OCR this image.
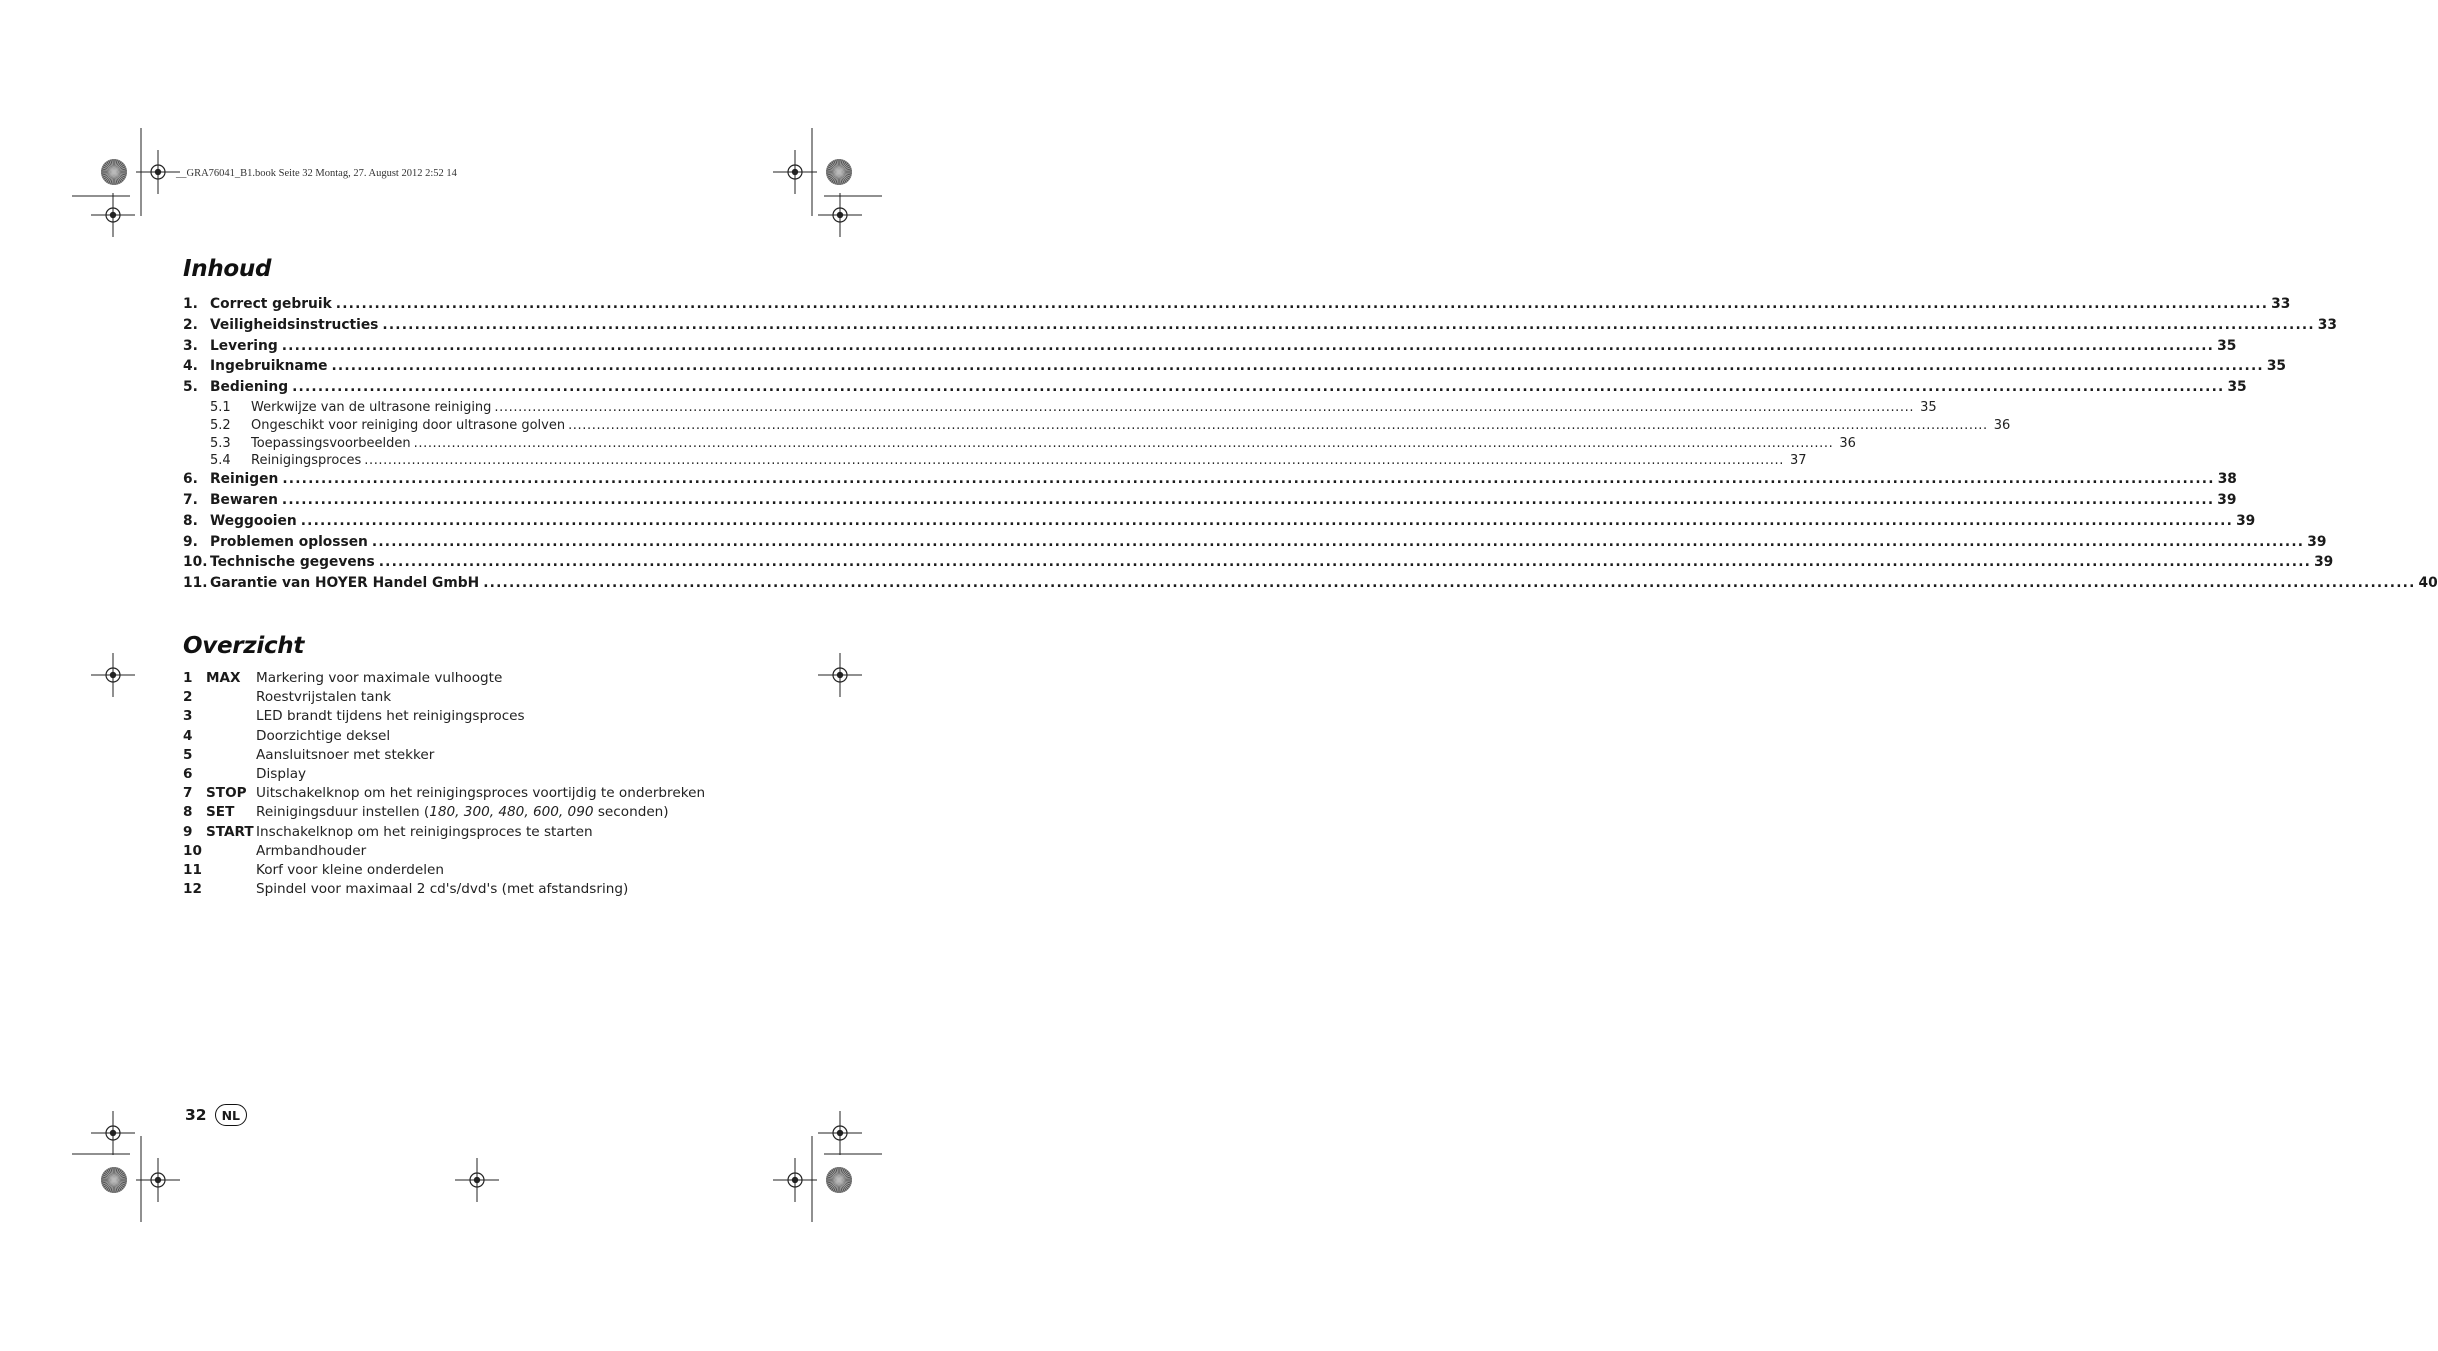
__GRA76041_B1.book Seite 32 Montag, 27. August 2012 2:52 14
Inhoud
1. Correct gebruik ............................................................................................................................................................................................................................................................................................................ 33
2. Veiligheidsinstructies ............................................................................................................................................................................................................................................................................................................ 33
3. Levering ............................................................................................................................................................................................................................................................................................................ 35
4. Ingebruikname ............................................................................................................................................................................................................................................................................................................ 35
5. Bediening ............................................................................................................................................................................................................................................................................................................ 35
5.1	Werkwijze van de ultrasone reiniging ............................................................................................................................................................................................................................................................................................................ 35
5.2	Ongeschikt voor reiniging door ultrasone golven ............................................................................................................................................................................................................................................................................................................ 36
5.3	Toepassingsvoorbeelden ............................................................................................................................................................................................................................................................................................................ 36
5.4	Reinigingsproces ............................................................................................................................................................................................................................................................................................................ 37
6. Reinigen ............................................................................................................................................................................................................................................................................................................ 38
7. Bewaren ............................................................................................................................................................................................................................................................................................................ 39
8. Weggooien ............................................................................................................................................................................................................................................................................................................ 39
9. Problemen oplossen ............................................................................................................................................................................................................................................................................................................ 39
10. Technische gegevens ............................................................................................................................................................................................................................................................................................................ 39
11. Garantie van HOYER Handel GmbH ............................................................................................................................................................................................................................................................................................................ 40
Overzicht
1 MAX	Markering voor maximale vulhoogte
2	Roestvrijstalen tank
3	LED brandt tijdens het reinigingsproces
4	Doorzichtige deksel
5	Aansluitsnoer met stekker
6	Display
7 STOP Uitschakelknop om het reinigingsproces voortijdig te onderbreken
8 SET	Reinigingsduur instellen (180, 300, 480, 600, 090 seconden)
9 START Inschakelknop om het reinigingsproces te starten
10	Armbandhouder
11	Korf voor kleine onderdelen
12	Spindel voor maximaal 2 cd's/dvd's (met afstandsring)
32	NL
